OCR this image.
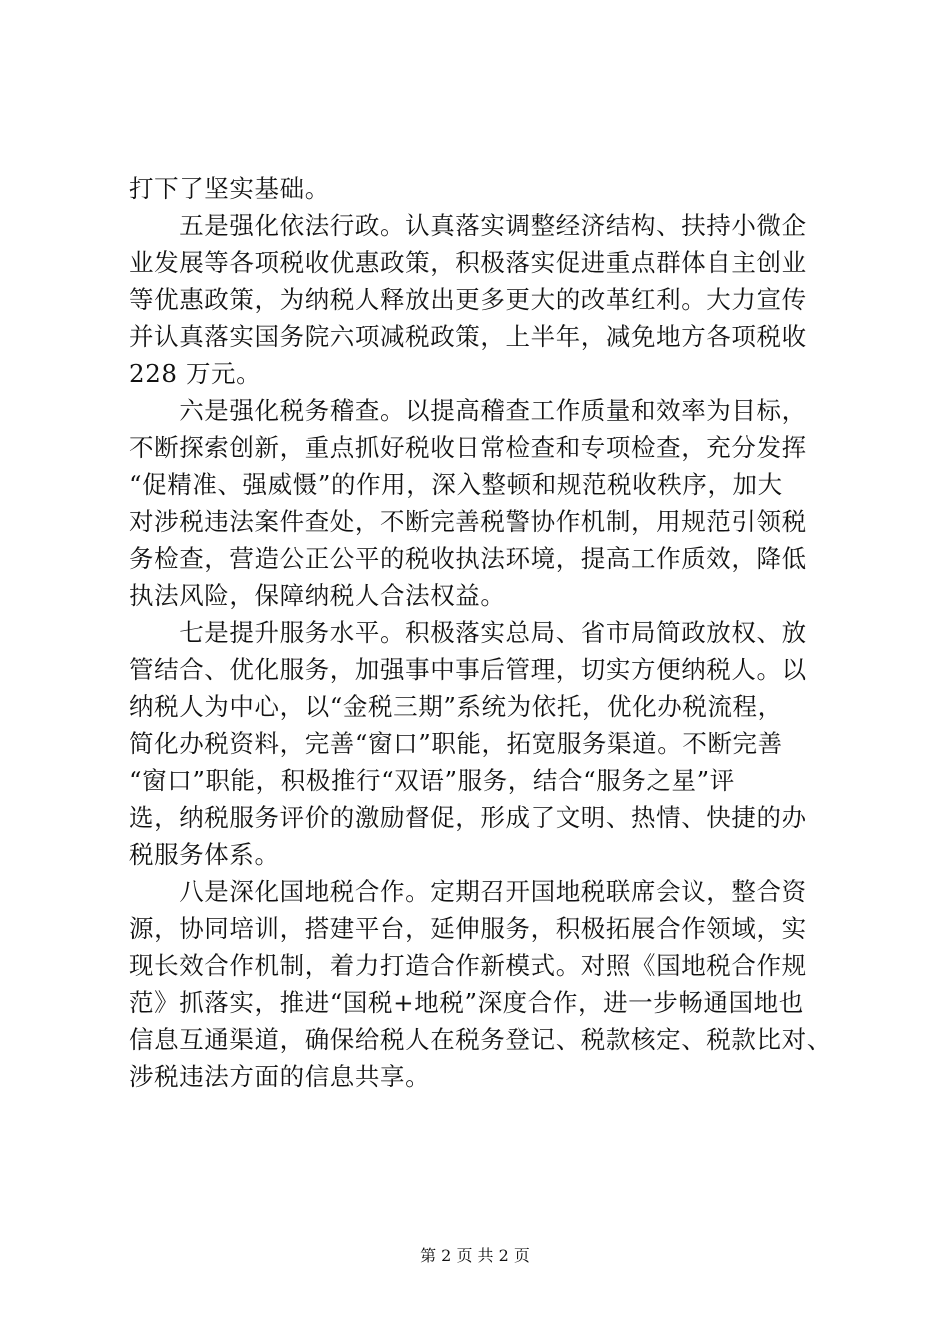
打下了坚实基础。

　　五是强化依法行政。认真落实调整经济结构、扶持小微企
业发展等各项税收优惠政策，积极落实促进重点群体自主创业
等优惠政策，为纳税人释放出更多更大的改革红利。大力宣传
并认真落实国务院六项减税政策，上半年，减免地方各项税收
228 万元。

　　六是强化税务稽查。以提高稽查工作质量和效率为目标，
不断探索创新，重点抓好税收日常检查和专项检查，充分发挥
“促精准、强威慑”的作用，深入整顿和规范税收秩序，加大
对涉税违法案件查处，不断完善税警协作机制，用规范引领税
务检查，营造公正公平的税收执法环境，提高工作质效，降低
执法风险，保障纳税人合法权益。

　　七是提升服务水平。积极落实总局、省市局简政放权、放
管结合、优化服务，加强事中事后管理，切实方便纳税人。以
纳税人为中心，以“金税三期”系统为依托，优化办税流程，
简化办税资料，完善“窗口”职能，拓宽服务渠道。不断完善
“窗口”职能，积极推行“双语”服务，结合“服务之星”评
选，纳税服务评价的激励督促，形成了文明、热情、快捷的办
税服务体系。

　　八是深化国地税合作。定期召开国地税联席会议，整合资
源，协同培训，搭建平台，延伸服务，积极拓展合作领域，实
现长效合作机制，着力打造合作新模式。对照《国地税合作规
范》抓落实，推进“国税+地税”深度合作，进一步畅通国地也
信息互通渠道，确保给税人在税务登记、税款核定、税款比对、
涉税违法方面的信息共享。

第 2 页 共 2 页
